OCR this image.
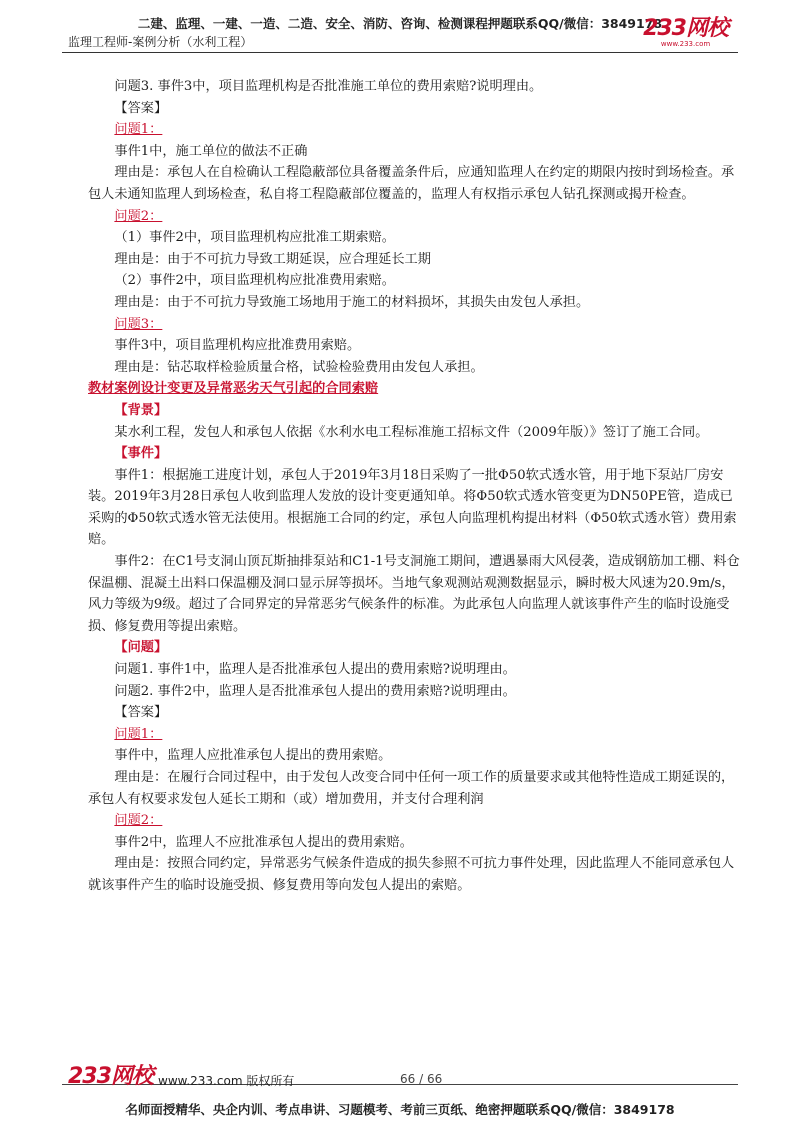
二建、监理、一建、一造、二造、安全、消防、咨询、检测课程押题联系QQ/微信：3849178
监理工程师-案例分析（水利工程）
233网校
www.233.com

问题3. 事件3中，项目监理机构是否批准施工单位的费用索赔?说明理由。

【答案】

问题1：

事件1中，施工单位的做法不正确

理由是：承包人在自检确认工程隐蔽部位具备覆盖条件后，应通知监理人在约定的期限内按时到场检查。承包人未通知监理人到场检查，私自将工程隐蔽部位覆盖的，监理人有权指示承包人钻孔探测或揭开检查。

问题2：

（1）事件2中，项目监理机构应批准工期索赔。

理由是：由于不可抗力导致工期延误，应合理延长工期

（2）事件2中，项目监理机构应批准费用索赔。

理由是：由于不可抗力导致施工场地用于施工的材料损坏，其损失由发包人承担。

问题3：

事件3中，项目监理机构应批准费用索赔。

理由是：钻芯取样检验质量合格，试验检验费用由发包人承担。

教材案例设计变更及异常恶劣天气引起的合同索赔

【背景】

某水利工程，发包人和承包人依据《水利水电工程标准施工招标文件（2009年版）》签订了施工合同。

【事件】

事件1：根据施工进度计划，承包人于2019年3月18日采购了一批Φ50软式透水管，用于地下泵站厂房安装。2019年3月28日承包人收到监理人发放的设计变更通知单。将Φ50软式透水管变更为DN50PE管，造成已采购的Φ50软式透水管无法使用。根据施工合同的约定，承包人向监理机构提出材料（Φ50软式透水管）费用索赔。

事件2：在C1号支洞山顶瓦斯抽排泵站和C1-1号支洞施工期间，遭遇暴雨大风侵袭，造成钢筋加工棚、料仓保温棚、混凝土出料口保温棚及洞口显示屏等损坏。当地气象观测站观测数据显示，瞬时极大风速为20.9m/s，风力等级为9级。超过了合同界定的异常恶劣气候条件的标准。为此承包人向监理人就该事件产生的临时设施受损、修复费用等提出索赔。

【问题】

问题1. 事件1中，监理人是否批准承包人提出的费用索赔?说明理由。

问题2. 事件2中，监理人是否批准承包人提出的费用索赔?说明理由。

【答案】

问题1：

事件中，监理人应批准承包人提出的费用索赔。

理由是：在履行合同过程中，由于发包人改变合同中任何一项工作的质量要求或其他特性造成工期延误的，承包人有权要求发包人延长工期和（或）增加费用，并支付合理利润

问题2：

事件2中，监理人不应批准承包人提出的费用索赔。

理由是：按照合同约定，异常恶劣气候条件造成的损失参照不可抗力事件处理，因此监理人不能同意承包人就该事件产生的临时设施受损、修复费用等向发包人提出的索赔。

233网校 www.233.com 版权所有	66 / 66
名师面授精华、央企内训、考点串讲、习题模考、考前三页纸、绝密押题联系QQ/微信：3849178
